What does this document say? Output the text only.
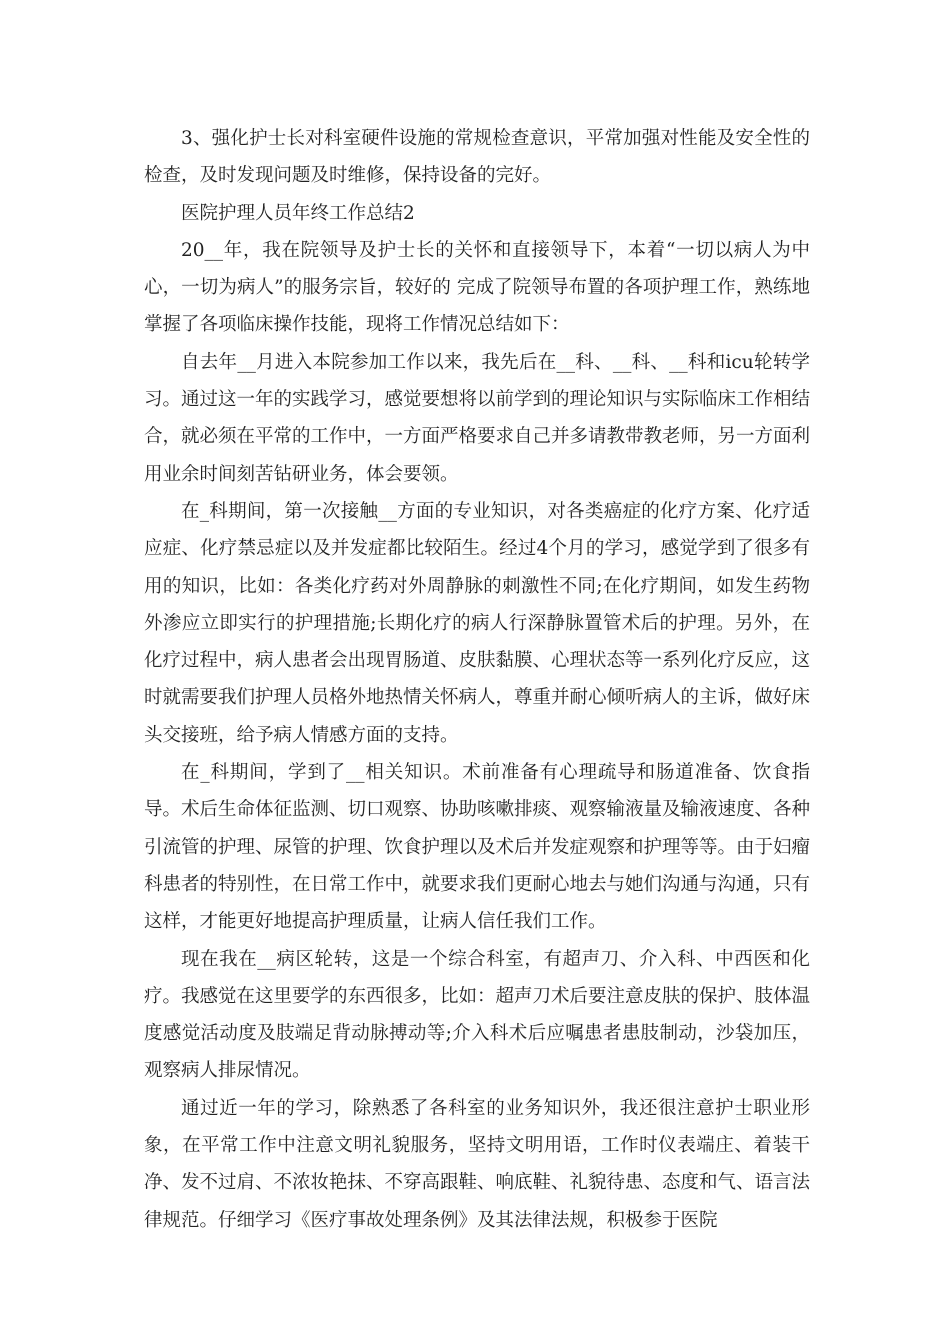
3、强化护士长对科室硬件设施的常规检查意识，平常加强对性能及安全性的检查，及时发现问题及时维修，保持设备的完好。

医院护理人员年终工作总结2

20__年，我在院领导及护士长的关怀和直接领导下，本着“一切以病人为中心，一切为病人”的服务宗旨，较好的 完成了院领导布置的各项护理工作，熟练地掌握了各项临床操作技能，现将工作情况总结如下：

自去年__月进入本院参加工作以来，我先后在__科、__科、__科和icu轮转学习。通过这一年的实践学习，感觉要想将以前学到的理论知识与实际临床工作相结合，就必须在平常的工作中，一方面严格要求自己并多请教带教老师，另一方面利用业余时间刻苦钻研业务，体会要领。

在_科期间，第一次接触__方面的专业知识，对各类癌症的化疗方案、化疗适应症、化疗禁忌症以及并发症都比较陌生。经过4个月的学习，感觉学到了很多有用的知识，比如：各类化疗药对外周静脉的刺激性不同;在化疗期间，如发生药物外渗应立即实行的护理措施;长期化疗的病人行深静脉置管术后的护理。另外，在化疗过程中，病人患者会出现胃肠道、皮肤黏膜、心理状态等一系列化疗反应，这时就需要我们护理人员格外地热情关怀病人，尊重并耐心倾听病人的主诉，做好床头交接班，给予病人情感方面的支持。

在_科期间，学到了__相关知识。术前准备有心理疏导和肠道准备、饮食指导。术后生命体征监测、切口观察、协助咳嗽排痰、观察输液量及输液速度、各种引流管的护理、尿管的护理、饮食护理以及术后并发症观察和护理等等。由于妇瘤科患者的特别性，在日常工作中，就要求我们更耐心地去与她们沟通与沟通，只有这样，才能更好地提高护理质量，让病人信任我们工作。

现在我在__病区轮转，这是一个综合科室，有超声刀、介入科、中西医和化疗。我感觉在这里要学的东西很多，比如：超声刀术后要注意皮肤的保护、肢体温度感觉活动度及肢端足背动脉搏动等;介入科术后应嘱患者患肢制动，沙袋加压，观察病人排尿情况。

通过近一年的学习，除熟悉了各科室的业务知识外，我还很注意护士职业形象，在平常工作中注意文明礼貌服务，坚持文明用语，工作时仪表端庄、着装干净、发不过肩、不浓妆艳抹、不穿高跟鞋、响底鞋、礼貌待患、态度和气、语言法律规范。仔细学习《医疗事故处理条例》及其法律法规，积极参于医院
